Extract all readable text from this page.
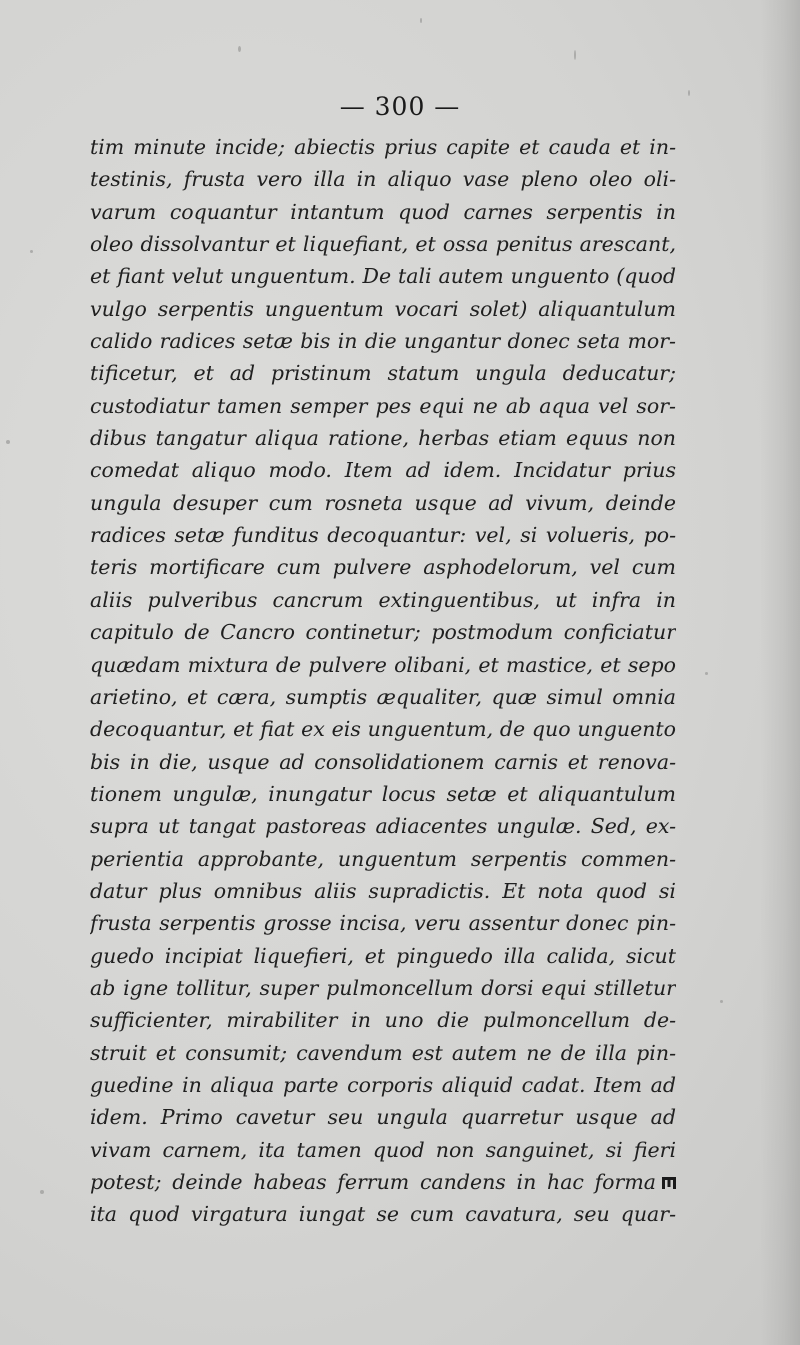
— 300 —
tim minute incide; abiectis prius capite et cauda et in-
testinis, frusta vero illa in aliquo vase pleno oleo oli-
varum coquantur intantum quod carnes serpentis in
oleo dissolvantur et liquefiant, et ossa penitus arescant,
et fiant velut unguentum. De tali autem unguento (quod
vulgo serpentis unguentum vocari solet) aliquantulum
calido radices setæ bis in die ungantur donec seta mor-
tificetur, et ad pristinum statum ungula deducatur;
custodiatur tamen semper pes equi ne ab aqua vel sor-
dibus tangatur aliqua ratione, herbas etiam equus non
comedat aliquo modo. Item ad idem. Incidatur prius
ungula desuper cum rosneta usque ad vivum, deinde
radices setæ funditus decoquantur: vel, si volueris, po-
teris mortificare cum pulvere asphodelorum, vel cum
aliis pulveribus cancrum extinguentibus, ut infra in
capitulo de Cancro continetur; postmodum conficiatur
quædam mixtura de pulvere olibani, et mastice, et sepo
arietino, et cæra, sumptis æqualiter, quæ simul omnia
decoquantur, et fiat ex eis unguentum, de quo unguento
bis in die, usque ad consolidationem carnis et renova-
tionem ungulæ, inungatur locus setæ et aliquantulum
supra ut tangat pastoreas adiacentes ungulæ. Sed, ex-
perientia approbante, unguentum serpentis commen-
datur plus omnibus aliis supradictis. Et nota quod si
frusta serpentis grosse incisa, veru assentur donec pin-
guedo incipiat liquefieri, et pinguedo illa calida, sicut
ab igne tollitur, super pulmoncellum dorsi equi stilletur
sufficienter, mirabiliter in uno die pulmoncellum de-
struit et consumit; cavendum est autem ne de illa pin-
guedine in aliqua parte corporis aliquid cadat. Item ad
idem. Primo cavetur seu ungula quarretur usque ad
vivam carnem, ita tamen quod non sanguinet, si fieri
potest; deinde habeas ferrum candens in hac forma
ita quod virgatura iungat se cum cavatura, seu quar-
